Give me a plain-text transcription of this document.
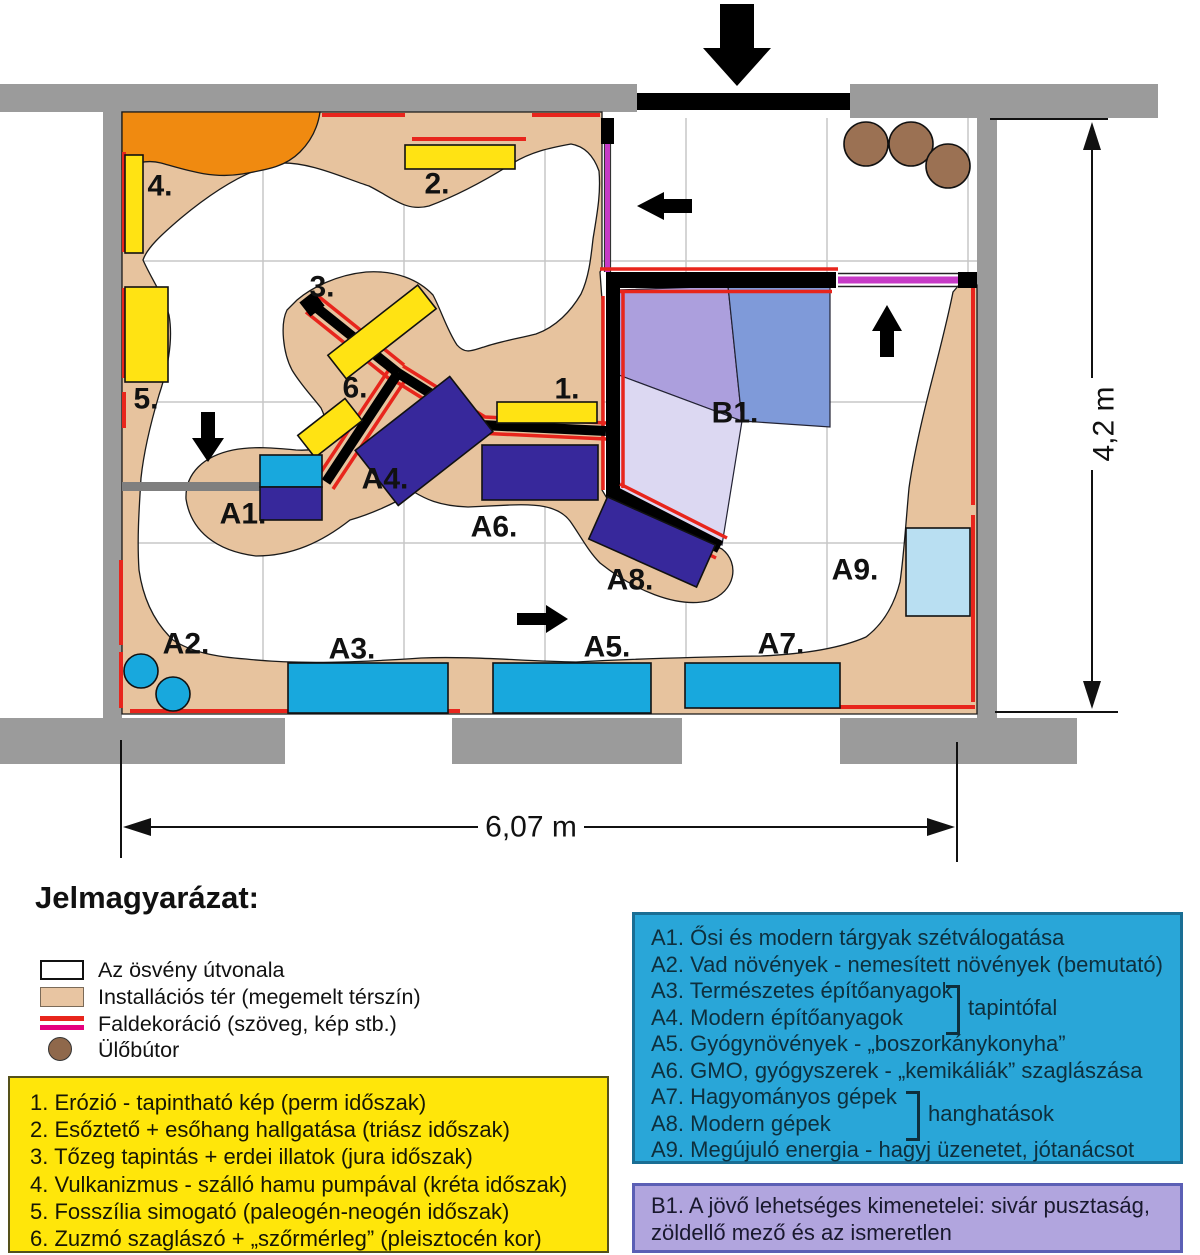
6,07 m
4,2 m
4.	2.
3.
5.	6.	1.
A1.
A2.	A3.
A4.
A5.
A6.
A7.
A8.	A9.
B1.
Jelmagyarázat:
Az ösvény útvonala
Installációs tér (megemelt térszín)
Faldekoráció (szöveg, kép stb.)
Ülőbútor
1. Erózió - tapintható kép (perm időszak)
2. Esőztető + esőhang hallgatása (triász időszak)
3. Tőzeg tapintás + erdei illatok (jura időszak)
4. Vulkanizmus - szálló hamu pumpával (kréta időszak)
5. Fosszília simogató (paleogén-neogén időszak)
6. Zuzmó szaglászó + „szőrmérleg” (pleisztocén kor)
A1. Ősi és modern tárgyak szétválogatása
A2. Vad növények - nemesített növények (bemutató)
A3. Természetes építőanyagok
A4. Modern építőanyagok
A5. Gyógynövények - „boszorkánykonyha”
A6. GMO, gyógyszerek - „kemikáliák” szaglászása
A7. Hagyományos gépek
A8. Modern gépek
A9. Megújuló energia - hagyj üzenetet, jótanácsot
tapintófal
hanghatások
B1. A jövő lehetséges kimenetelei: sivár pusztaság, zöldellő mező és az ismeretlen
